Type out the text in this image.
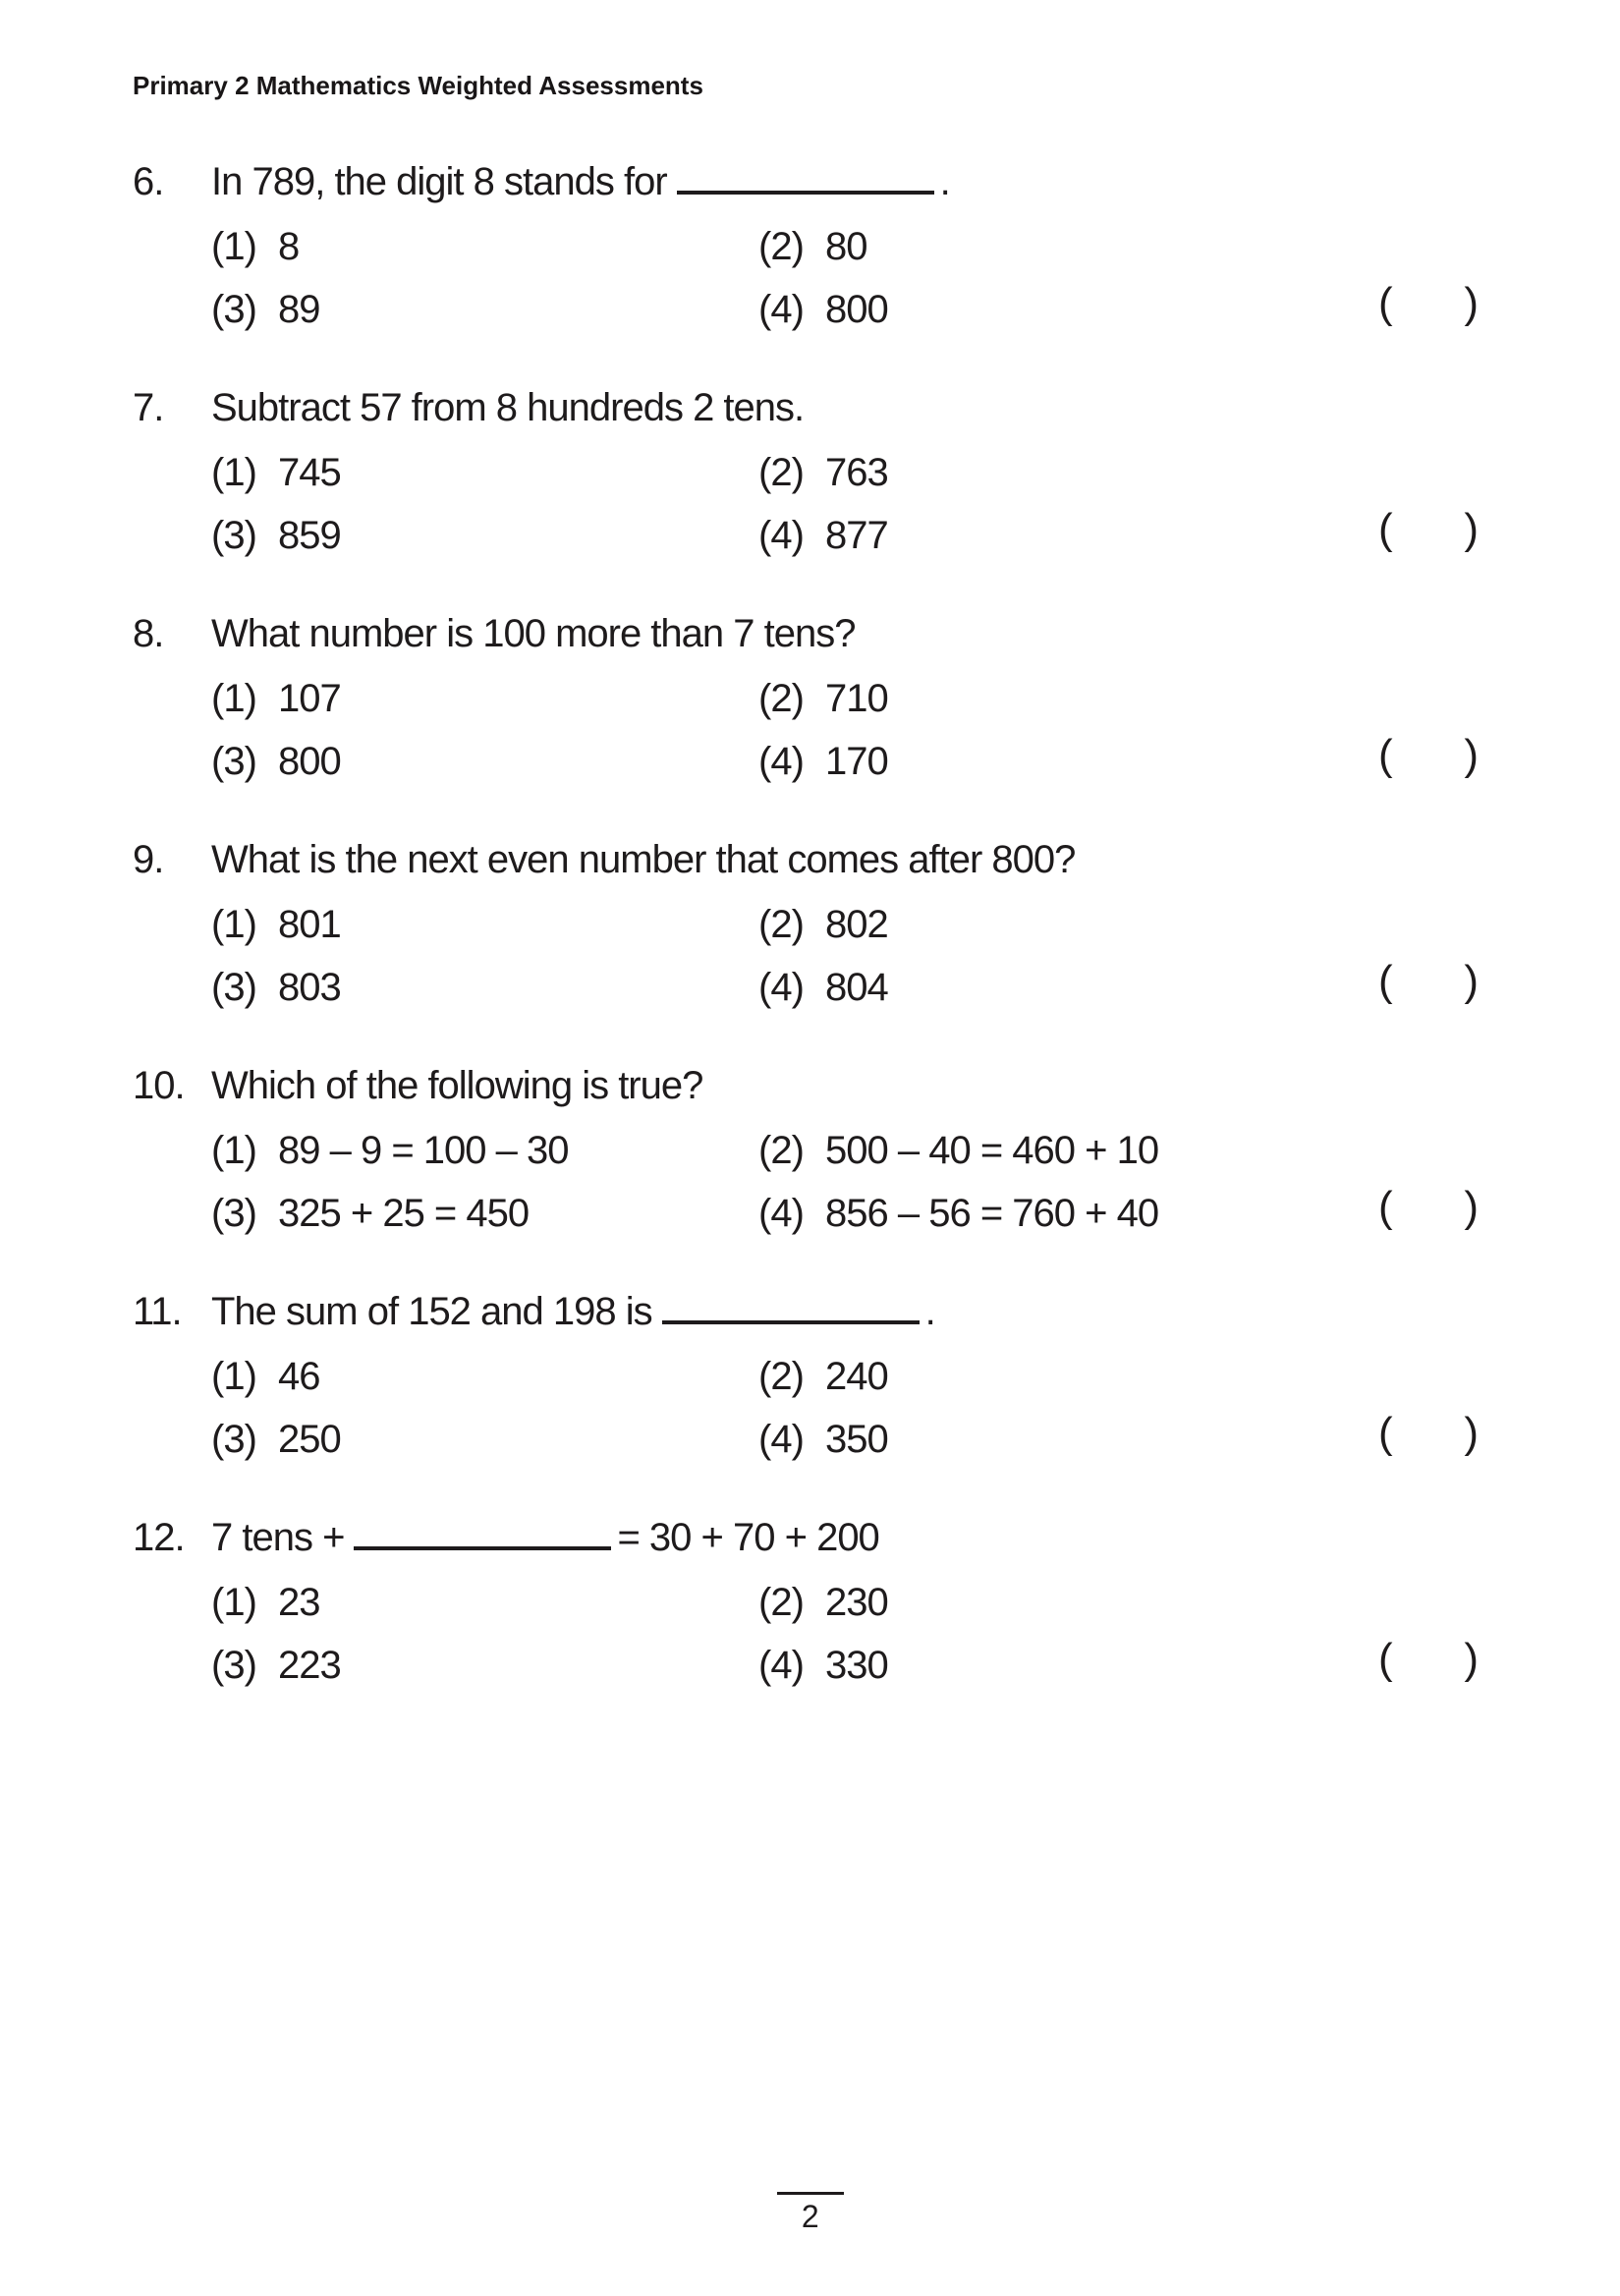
Primary 2 Mathematics Weighted Assessments
6.	In 789, the digit 8 stands for	.
(1) 8	(2) 80
(3) 89	(4) 800	( )
7.	Subtract 57 from 8 hundreds 2 tens.
(1) 745	(2) 763
(3) 859	(4) 877	( )
8.	What number is 100 more than 7 tens?
(1) 107	(2) 710
(3) 800	(4) 170	( )
9.	What is the next even number that comes after 800?
(1) 801	(2) 802
(3) 803	(4) 804	( )
10. Which of the following is true?
(1) 89 – 9 = 100 – 30	(2) 500 – 40 = 460 + 10
(3) 325 + 25 = 450	(4) 856 – 56 = 760 + 40	( )
11. The sum of 152 and 198 is	.
(1) 46	(2) 240
(3) 250	(4) 350	( )
12. 7 tens +	= 30 + 70 + 200
(1) 23	(2) 230
(3) 223	(4) 330	( )
2
